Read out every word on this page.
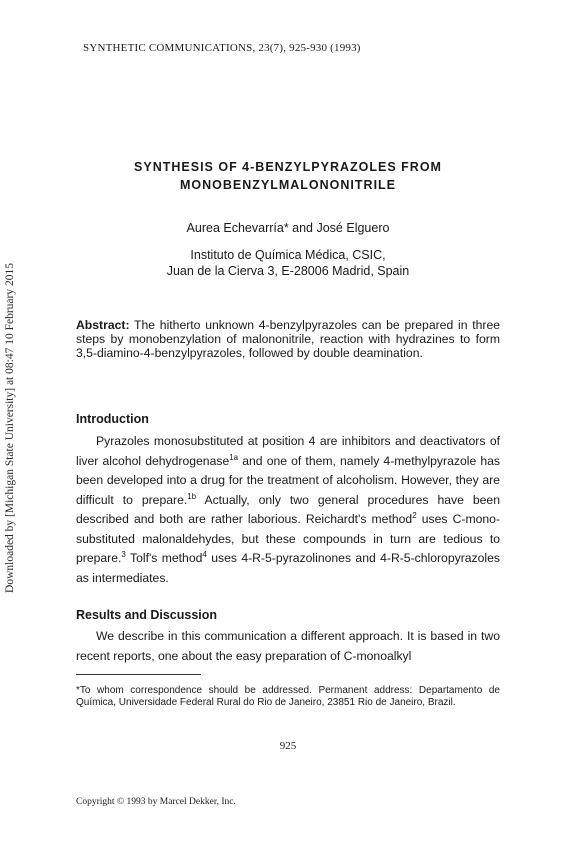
SYNTHETIC COMMUNICATIONS, 23(7), 925-930 (1993)
Downloaded by [Michigan State University] at 08:47 10 February 2015
SYNTHESIS OF 4-BENZYLPYRAZOLES FROM
MONOBENZYLMALONONITRILE
Aurea Echevarría* and José Elguero
Instituto de Química Médica, CSIC,
Juan de la Cierva 3, E-28006 Madrid, Spain
Abstract: The hitherto unknown 4-benzylpyrazoles can be prepared in three steps by monobenzylation of malononitrile, reaction with hydrazines to form 3,5-diamino-4-benzylpyrazoles, followed by double deamination.
Introduction
Pyrazoles monosubstituted at position 4 are inhibitors and deactivators of liver alcohol dehydrogenase$^{1a}$ and one of them, namely 4-methylpyrazole has been developed into a drug for the treatment of alcoholism. However, they are difficult to prepare.$^{1b}$ Actually, only two general procedures have been described and both are rather laborious. Reichardt's method$^2$ uses C-mono-substituted malonaldehydes, but these compounds in turn are tedious to prepare.$^3$ Tolf's method$^4$ uses 4-R-5-pyrazolinones and 4-R-5-chloropyrazoles as intermediates.
Results and Discussion
We describe in this communication a different approach. It is based in two recent reports, one about the easy preparation of C-monoalkyl
*To whom correspondence should be addressed. Permanent address: Departamento de Química, Universidade Federal Rural do Rio de Janeiro, 23851 Rio de Janeiro, Brazil.
925
Copyright © 1993 by Marcel Dekker, Inc.
